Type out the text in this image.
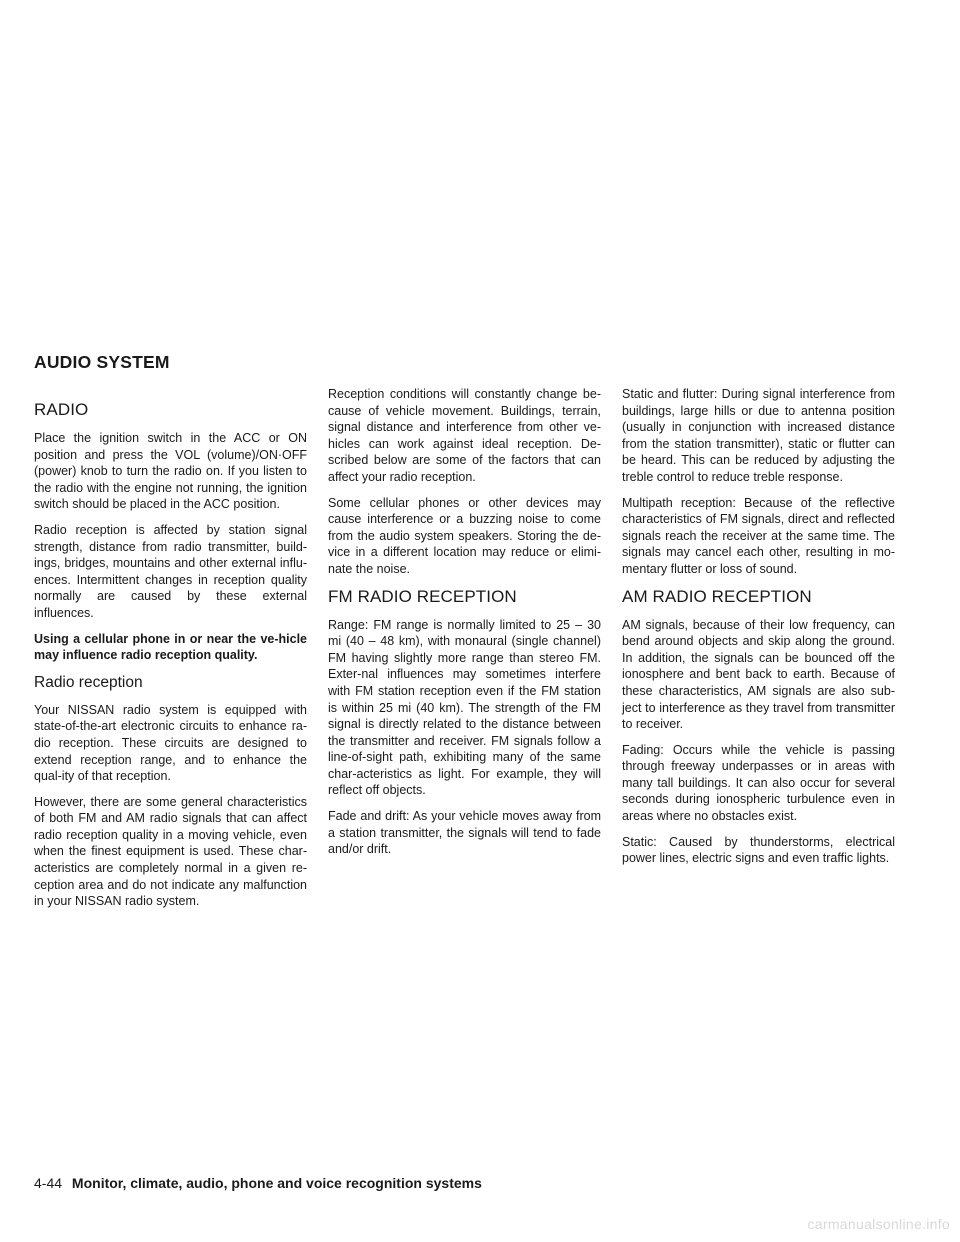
AUDIO SYSTEM
RADIO

Place the ignition switch in the ACC or ON position and press the VOL (volume)/ON·OFF (power) knob to turn the radio on. If you listen to the radio with the engine not running, the ignition switch should be placed in the ACC position.

Radio reception is affected by station signal strength, distance from radio transmitter, build-ings, bridges, mountains and other external influ-ences. Intermittent changes in reception quality normally are caused by these external influences.

Using a cellular phone in or near the ve-hicle may influence radio reception quality.

Radio reception

Your NISSAN radio system is equipped with state-of-the-art electronic circuits to enhance ra-dio reception. These circuits are designed to extend reception range, and to enhance the qual-ity of that reception.

However, there are some general characteristics of both FM and AM radio signals that can affect radio reception quality in a moving vehicle, even when the finest equipment is used. These char-acteristics are completely normal in a given re-ception area and do not indicate any malfunction in your NISSAN radio system.

Reception conditions will constantly change be-cause of vehicle movement. Buildings, terrain, signal distance and interference from other ve-hicles can work against ideal reception. De-scribed below are some of the factors that can affect your radio reception.

Some cellular phones or other devices may cause interference or a buzzing noise to come from the audio system speakers. Storing the de-vice in a different location may reduce or elimi-nate the noise.

FM RADIO RECEPTION

Range: FM range is normally limited to 25 – 30 mi (40 – 48 km), with monaural (single channel) FM having slightly more range than stereo FM. Exter-nal influences may sometimes interfere with FM station reception even if the FM station is within 25 mi (40 km). The strength of the FM signal is directly related to the distance between the transmitter and receiver. FM signals follow a line-of-sight path, exhibiting many of the same char-acteristics as light. For example, they will reflect off objects.

Fade and drift: As your vehicle moves away from a station transmitter, the signals will tend to fade and/or drift.

Static and flutter: During signal interference from buildings, large hills or due to antenna position (usually in conjunction with increased distance from the station transmitter), static or flutter can be heard. This can be reduced by adjusting the treble control to reduce treble response.

Multipath reception: Because of the reflective characteristics of FM signals, direct and reflected signals reach the receiver at the same time. The signals may cancel each other, resulting in mo-mentary flutter or loss of sound.

AM RADIO RECEPTION

AM signals, because of their low frequency, can bend around objects and skip along the ground. In addition, the signals can be bounced off the ionosphere and bent back to earth. Because of these characteristics, AM signals are also sub-ject to interference as they travel from transmitter to receiver.

Fading: Occurs while the vehicle is passing through freeway underpasses or in areas with many tall buildings. It can also occur for several seconds during ionospheric turbulence even in areas where no obstacles exist.

Static: Caused by thunderstorms, electrical power lines, electric signs and even traffic lights.

4-44 Monitor, climate, audio, phone and voice recognition systems
carmanualsonline.info
